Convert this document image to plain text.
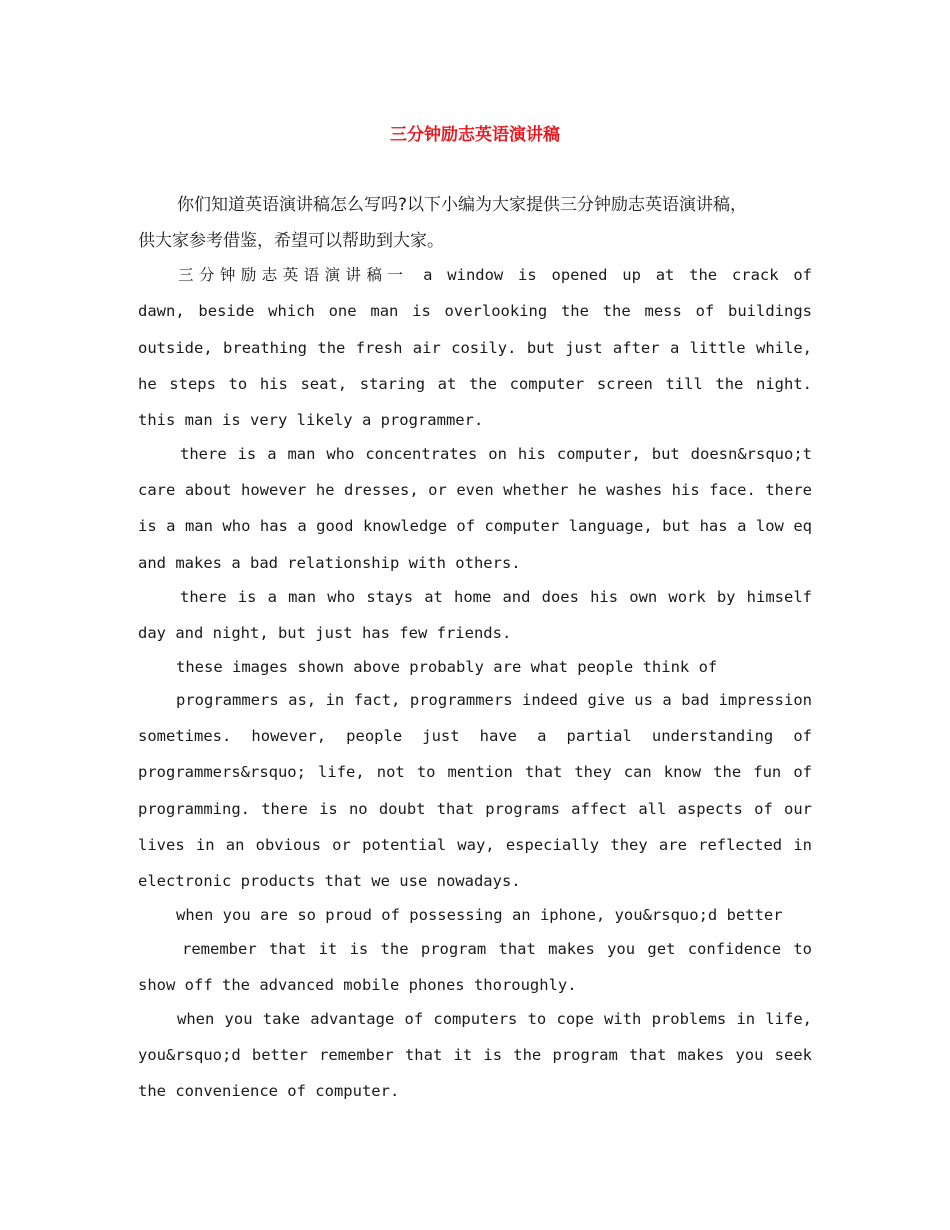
三分钟励志英语演讲稿

你们知道英语演讲稿怎么写吗?以下小编为大家提供三分钟励志英语演讲稿，

供大家参考借鉴，希望可以帮助到大家。

三分钟励志英语演讲稿一 a window is opened up at the crack of

dawn, beside which one man is overlooking the the mess of buildings

outside, breathing the fresh air cosily. but just after a little while,

he steps to his seat, staring at the computer screen till the night.

this man is very likely a programmer.

there is a man who concentrates on his computer, but doesn&rsquo;t

care about however he dresses, or even whether he washes his face. there

is a man who has a good knowledge of computer language, but has a low eq

and makes a bad relationship with others.

there is a man who stays at home and does his own work by himself

day and night, but just has few friends.

these images shown above probably are what people think of

programmers as, in fact, programmers indeed give us a bad impression

sometimes. however, people just have a partial understanding of

programmers&rsquo; life, not to mention that they can know the fun of

programming. there is no doubt that programs affect all aspects of our

lives in an obvious or potential way, especially they are reflected in

electronic products that we use nowadays.

when you are so proud of possessing an iphone, you&rsquo;d better

remember that it is the program that makes you get confidence to

show off the advanced mobile phones thoroughly.

when you take advantage of computers to cope with problems in life,

you&rsquo;d better remember that it is the program that makes you seek

the convenience of computer.
